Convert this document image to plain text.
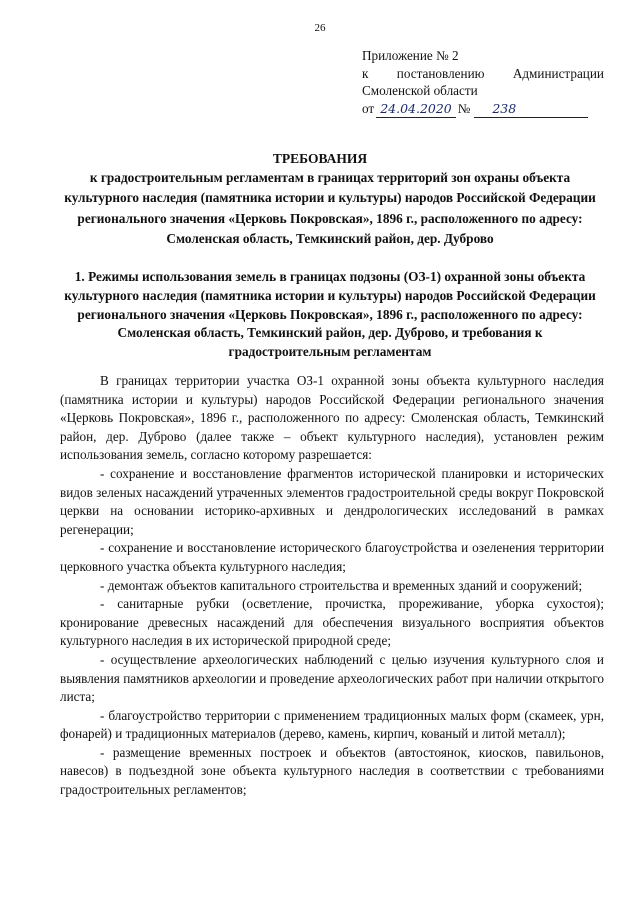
26
Приложение № 2
к постановлению Администрации
Смоленской области
от 24.04.2020 №	238
ТРЕБОВАНИЯ
к градостроительным регламентам в границах территорий зон охраны объекта культурного наследия (памятника истории и культуры) народов Российской Федерации регионального значения «Церковь Покровская», 1896 г., расположенного по адресу: Смоленская область, Темкинский район, дер. Дуброво
1. Режимы использования земель в границах подзоны (ОЗ-1) охранной зоны объекта культурного наследия (памятника истории и культуры) народов Российской Федерации регионального значения «Церковь Покровская», 1896 г., расположенного по адресу: Смоленская область, Темкинский район, дер. Дуброво, и требования к градостроительным регламентам

В границах территории участка ОЗ-1 охранной зоны объекта культурного наследия (памятника истории и культуры) народов Российской Федерации регионального значения «Церковь Покровская», 1896 г., расположенного по адресу: Смоленская область, Темкинский район, дер. Дуброво (далее также – объект культурного наследия), установлен режим использования земель, согласно которому разрешается:

- сохранение и восстановление фрагментов исторической планировки и исторических видов зеленых насаждений утраченных элементов градостроительной среды вокруг Покровской церкви на основании историко-архивных и дендрологических исследований в рамках регенерации;

- сохранение и восстановление исторического благоустройства и озеленения территории церковного участка объекта культурного наследия;

- демонтаж объектов капитального строительства и временных зданий и сооружений;

- санитарные рубки (осветление, прочистка, прореживание, уборка сухостоя); кронирование древесных насаждений для обеспечения визуального восприятия объектов культурного наследия в их исторической природной среде;

- осуществление археологических наблюдений с целью изучения культурного слоя и выявления памятников археологии и проведение археологических работ при наличии открытого листа;

- благоустройство территории с применением традиционных малых форм (скамеек, урн, фонарей) и традиционных материалов (дерево, камень, кирпич, кованый и литой металл);

- размещение временных построек и объектов (автостоянок, киосков, павильонов, навесов) в подъездной зоне объекта культурного наследия в соответствии с требованиями градостроительных регламентов;
